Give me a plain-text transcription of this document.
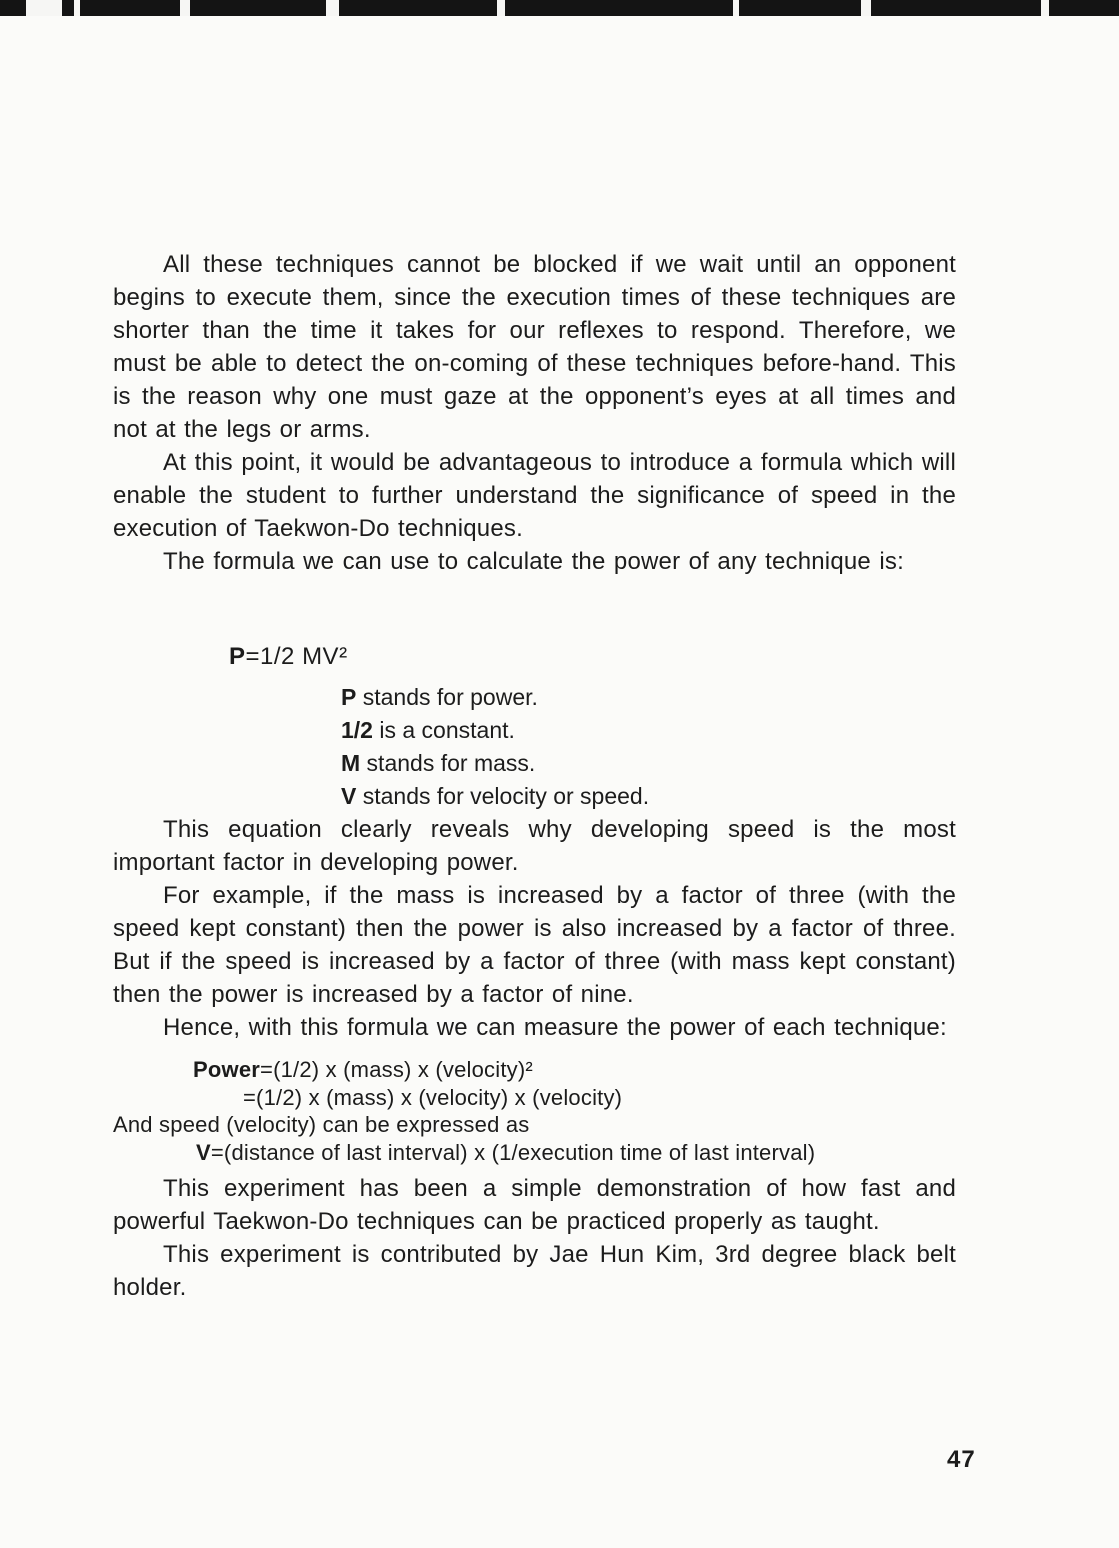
All these techniques cannot be blocked if we wait until an opponent begins to execute them, since the execution times of these techniques are shorter than the time it takes for our reflexes to respond. Therefore, we must be able to detect the on-coming of these techniques before-hand. This is the reason why one must gaze at the opponent’s eyes at all times and not at the legs or arms.

At this point, it would be advantageous to introduce a formula which will enable the student to further understand the significance of speed in the execution of Taekwon-Do techniques.

The formula we can use to calculate the power of any technique is:

P=1/2 MV²
P stands for power.
1/2 is a constant.
M stands for mass.
V stands for velocity or speed.

This equation clearly reveals why developing speed is the most important factor in developing power.

For example, if the mass is increased by a factor of three (with the speed kept constant) then the power is also increased by a factor of three. But if the speed is increased by a factor of three (with mass kept constant) then the power is increased by a factor of nine.

Hence, with this formula we can measure the power of each technique:

Power=(1/2) x (mass) x (velocity)²
=(1/2) x (mass) x (velocity) x (velocity)
And speed (velocity) can be expressed as
V=(distance of last interval) x (1/execution time of last interval)

This experiment has been a simple demonstration of how fast and powerful Taekwon-Do techniques can be practiced properly as taught.

This experiment is contributed by Jae Hun Kim, 3rd degree black belt holder.

47
